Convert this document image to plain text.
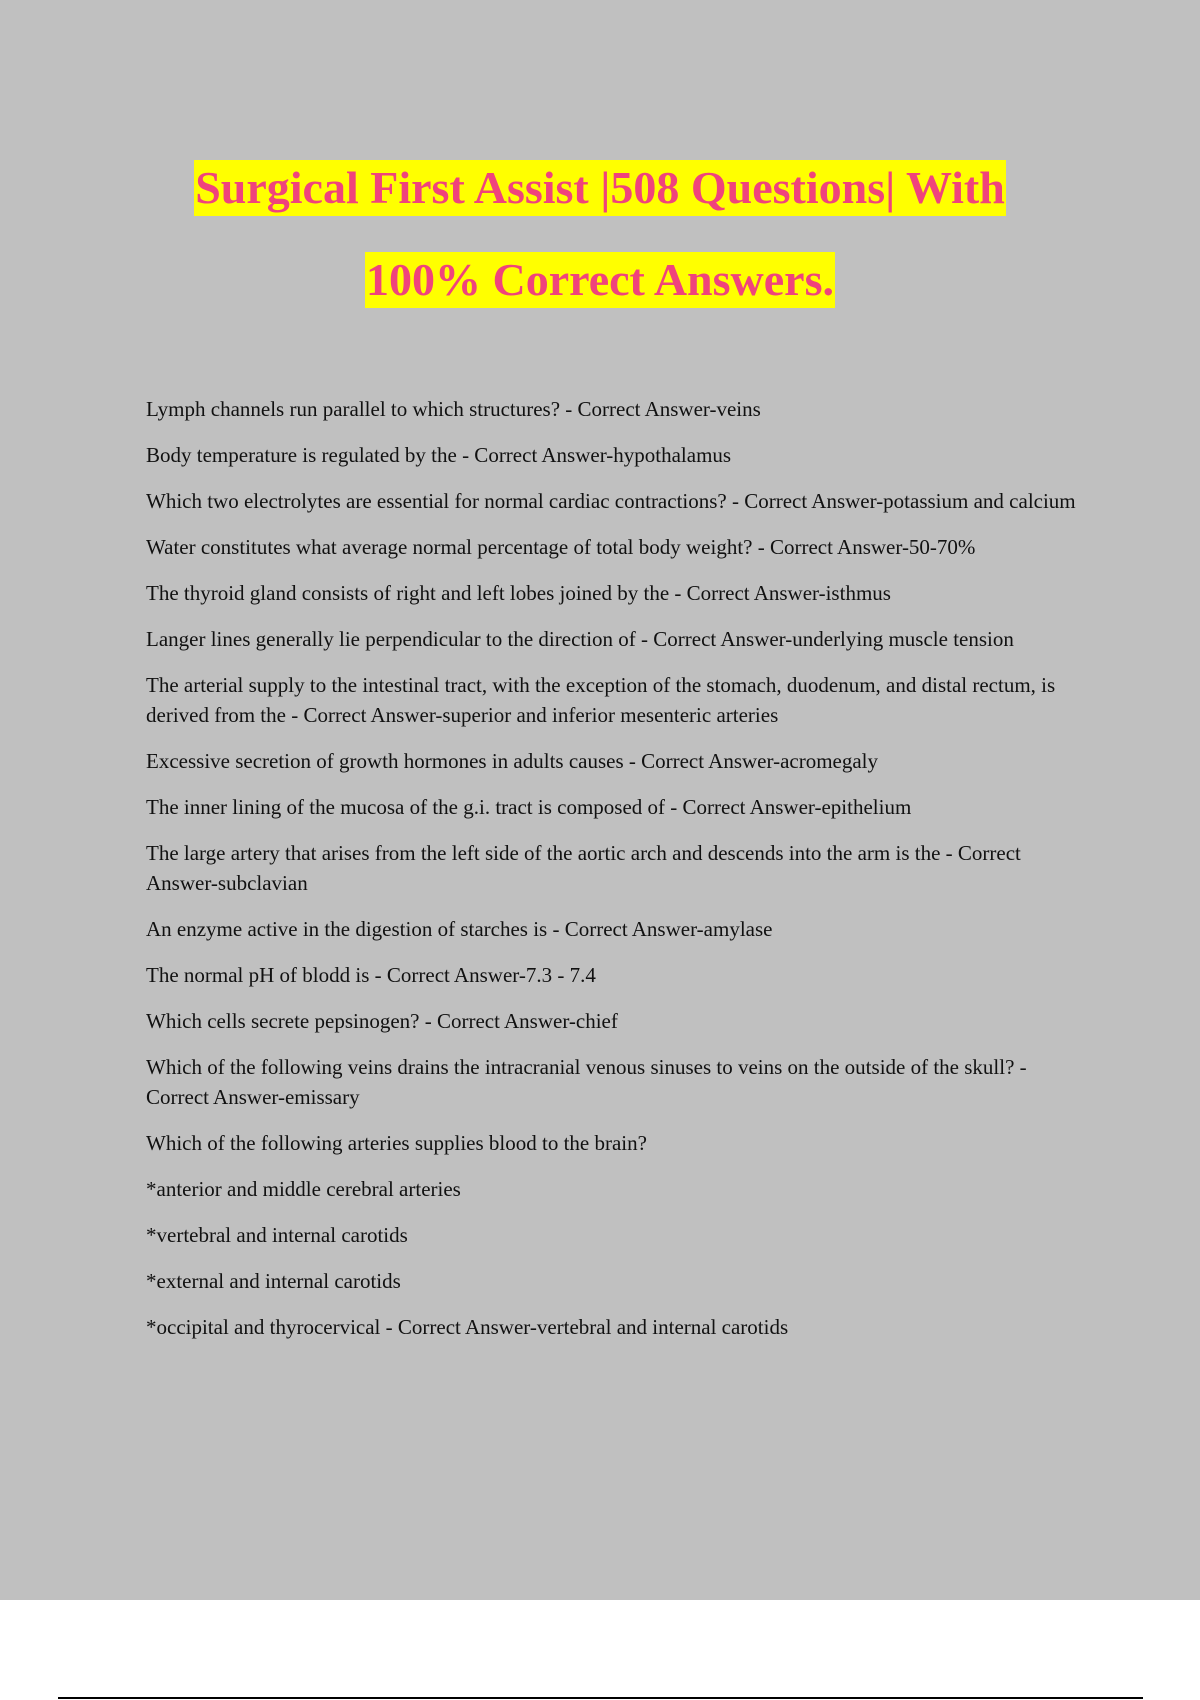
Surgical First Assist |508 Questions| With
100% Correct Answers.

Lymph channels run parallel to which structures? - Correct Answer-veins

Body temperature is regulated by the - Correct Answer-hypothalamus

Which two electrolytes are essential for normal cardiac contractions? - Correct Answer-potassium and calcium

Water constitutes what average normal percentage of total body weight? - Correct Answer-50-70%

The thyroid gland consists of right and left lobes joined by the - Correct Answer-isthmus

Langer lines generally lie perpendicular to the direction of - Correct Answer-underlying muscle tension

The arterial supply to the intestinal tract, with the exception of the stomach, duodenum, and distal rectum, is derived from the - Correct Answer-superior and inferior mesenteric arteries

Excessive secretion of growth hormones in adults causes - Correct Answer-acromegaly

The inner lining of the mucosa of the g.i. tract is composed of - Correct Answer-epithelium

The large artery that arises from the left side of the aortic arch and descends into the arm is the - Correct Answer-subclavian

An enzyme active in the digestion of starches is - Correct Answer-amylase

The normal pH of blodd is - Correct Answer-7.3 - 7.4

Which cells secrete pepsinogen? - Correct Answer-chief

Which of the following veins drains the intracranial venous sinuses to veins on the outside of the skull? - Correct Answer-emissary

Which of the following arteries supplies blood to the brain?

*anterior and middle cerebral arteries

*vertebral and internal carotids

*external and internal carotids

*occipital and thyrocervical - Correct Answer-vertebral and internal carotids
